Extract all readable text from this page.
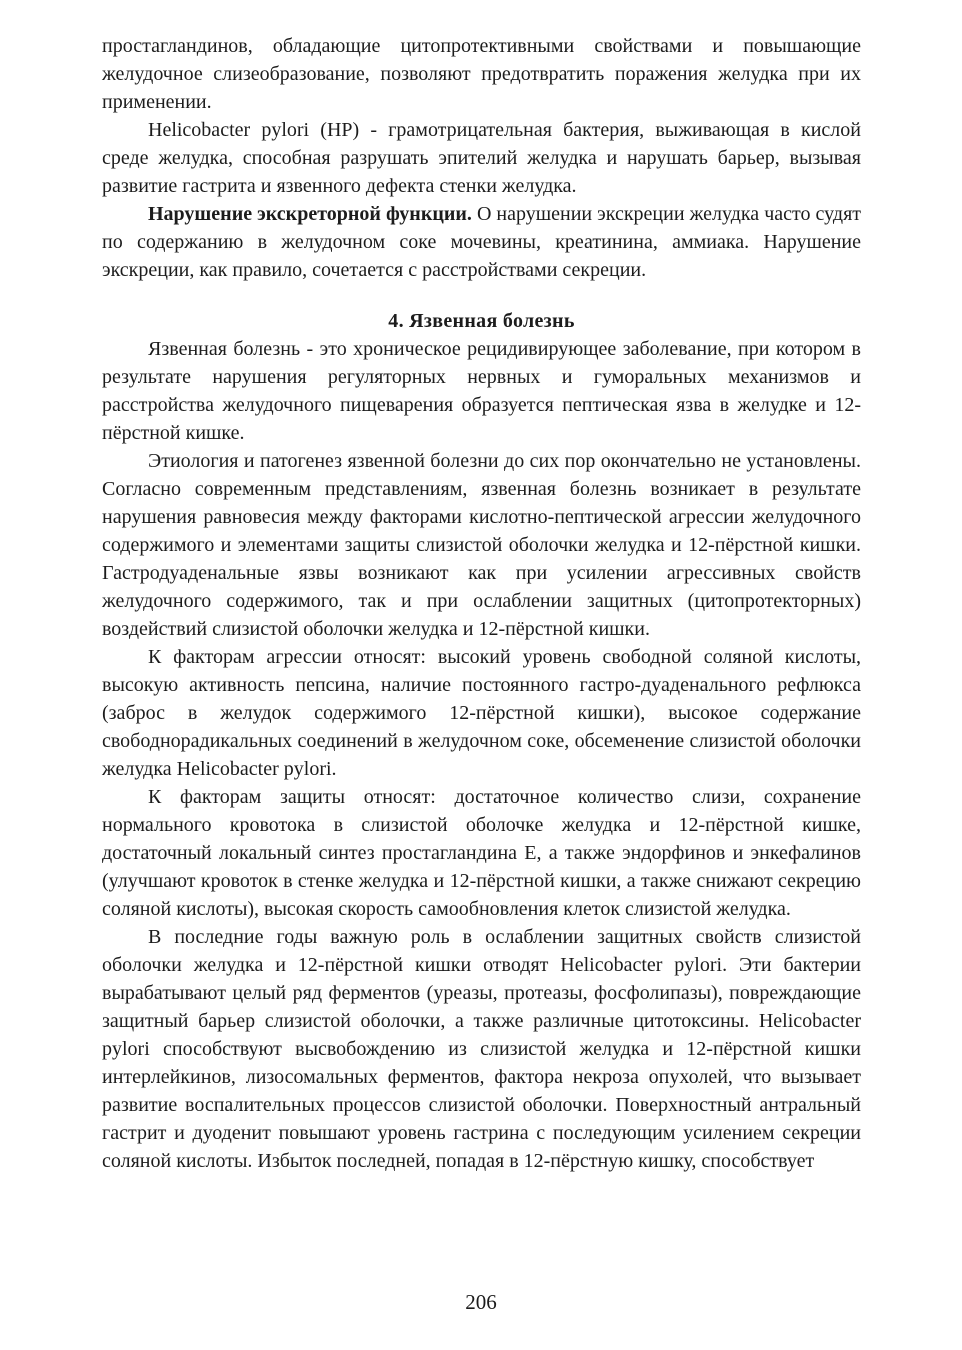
простагландинов, обладающие цитопротективными свойствами и повышающие желудочное слизеобразование, позволяют предотвратить поражения желудка при их применении.

Helicobacter pylori (HP) - грамотрицательная бактерия, выживающая в кислой среде желудка, способная разрушать эпителий желудка и нарушать барьер, вызывая развитие гастрита и язвенного дефекта стенки желудка.

Нарушение экскреторной функции. О нарушении экскреции желудка часто судят по содержанию в желудочном соке мочевины, креатинина, аммиака. Нарушение экскреции, как правило, сочетается с расстройствами секреции.

4. Язвенная болезнь

Язвенная болезнь - это хроническое рецидивирующее заболевание, при котором в результате нарушения регуляторных нервных и гуморальных механизмов и расстройства желудочного пищеварения образуется пептическая язва в желудке и 12-пёрстной кишке.

Этиология и патогенез язвенной болезни до сих пор окончательно не установлены. Согласно современным представлениям, язвенная болезнь возникает в результате нарушения равновесия между факторами кислотно-пептической агрессии желудочного содержимого и элементами защиты слизистой оболочки желудка и 12-пёрстной кишки. Гастродуаденальные язвы возникают как при усилении агрессивных свойств желудочного содержимого, так и при ослаблении защитных (цитопротекторных) воздействий слизистой оболочки желудка и 12-пёрстной кишки.

К факторам агрессии относят: высокий уровень свободной соляной кислоты, высокую активность пепсина, наличие постоянного гастро-дуаденального рефлюкса (заброс в желудок содержимого 12-пёрстной кишки), высокое содержание свободнорадикальных соединений в желудочном соке, обсеменение слизистой оболочки желудка Helicobacter pylori.

К факторам защиты относят: достаточное количество слизи, сохранение нормального кровотока в слизистой оболочке желудка и 12-пёрстной кишке, достаточный локальный синтез простагландина Е, а также эндорфинов и энкефалинов (улучшают кровоток в стенке желудка и 12-пёрстной кишки, а также снижают секрецию соляной кислоты), высокая скорость самообновления клеток слизистой желудка.

В последние годы важную роль в ослаблении защитных свойств слизистой оболочки желудка и 12-пёрстной кишки отводят Helicobacter pylori. Эти бактерии вырабатывают целый ряд ферментов (уреазы, протеазы, фосфолипазы), повреждающие защитный барьер слизистой оболочки, а также различные цитотоксины. Helicobacter pylori способствуют высвобождению из слизистой желудка и 12-пёрстной кишки интерлейкинов, лизосомальных ферментов, фактора некроза опухолей, что вызывает развитие воспалительных процессов слизистой оболочки. Поверхностный антральный гастрит и дуоденит повышают уровень гастрина с последующим усилением секреции соляной кислоты. Избыток последней, попадая в 12-пёрстную кишку, способствует

206
